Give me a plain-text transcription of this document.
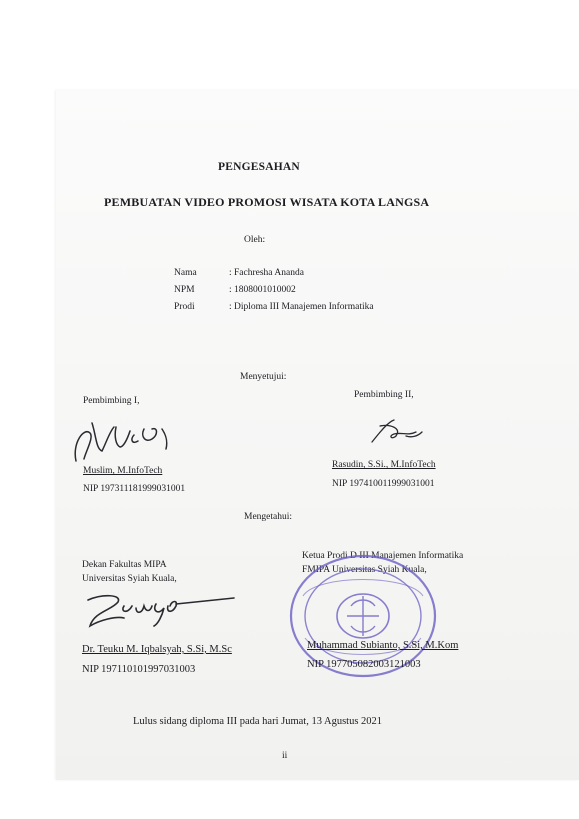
PENGESAHAN
PEMBUATAN VIDEO PROMOSI WISATA KOTA LANGSA
Oleh:
Nama	: Fachresha Ananda
NPM	: 1808001010002
Prodi	: Diploma III Manajemen Informatika
Menyetujui:
Pembimbing I,
Muslim, M.InfoTech
NIP 197311181999031001
Pembimbing II,
Rasudin, S.Si., M.InfoTech
NIP 197410011999031001
Mengetahui:
Dekan Fakultas MIPA
Universitas Syiah Kuala,
Dr. Teuku M. Iqbalsyah, S.Si, M.Sc
NIP 197110101997031003
Ketua Prodi D III Manajemen Informatika
FMIPA Universitas Syiah Kuala,
Muhammad Subianto, S.Si, M.Kom
NIP 197705082003121003
Lulus sidang diploma III pada hari Jumat, 13 Agustus 2021
ii
